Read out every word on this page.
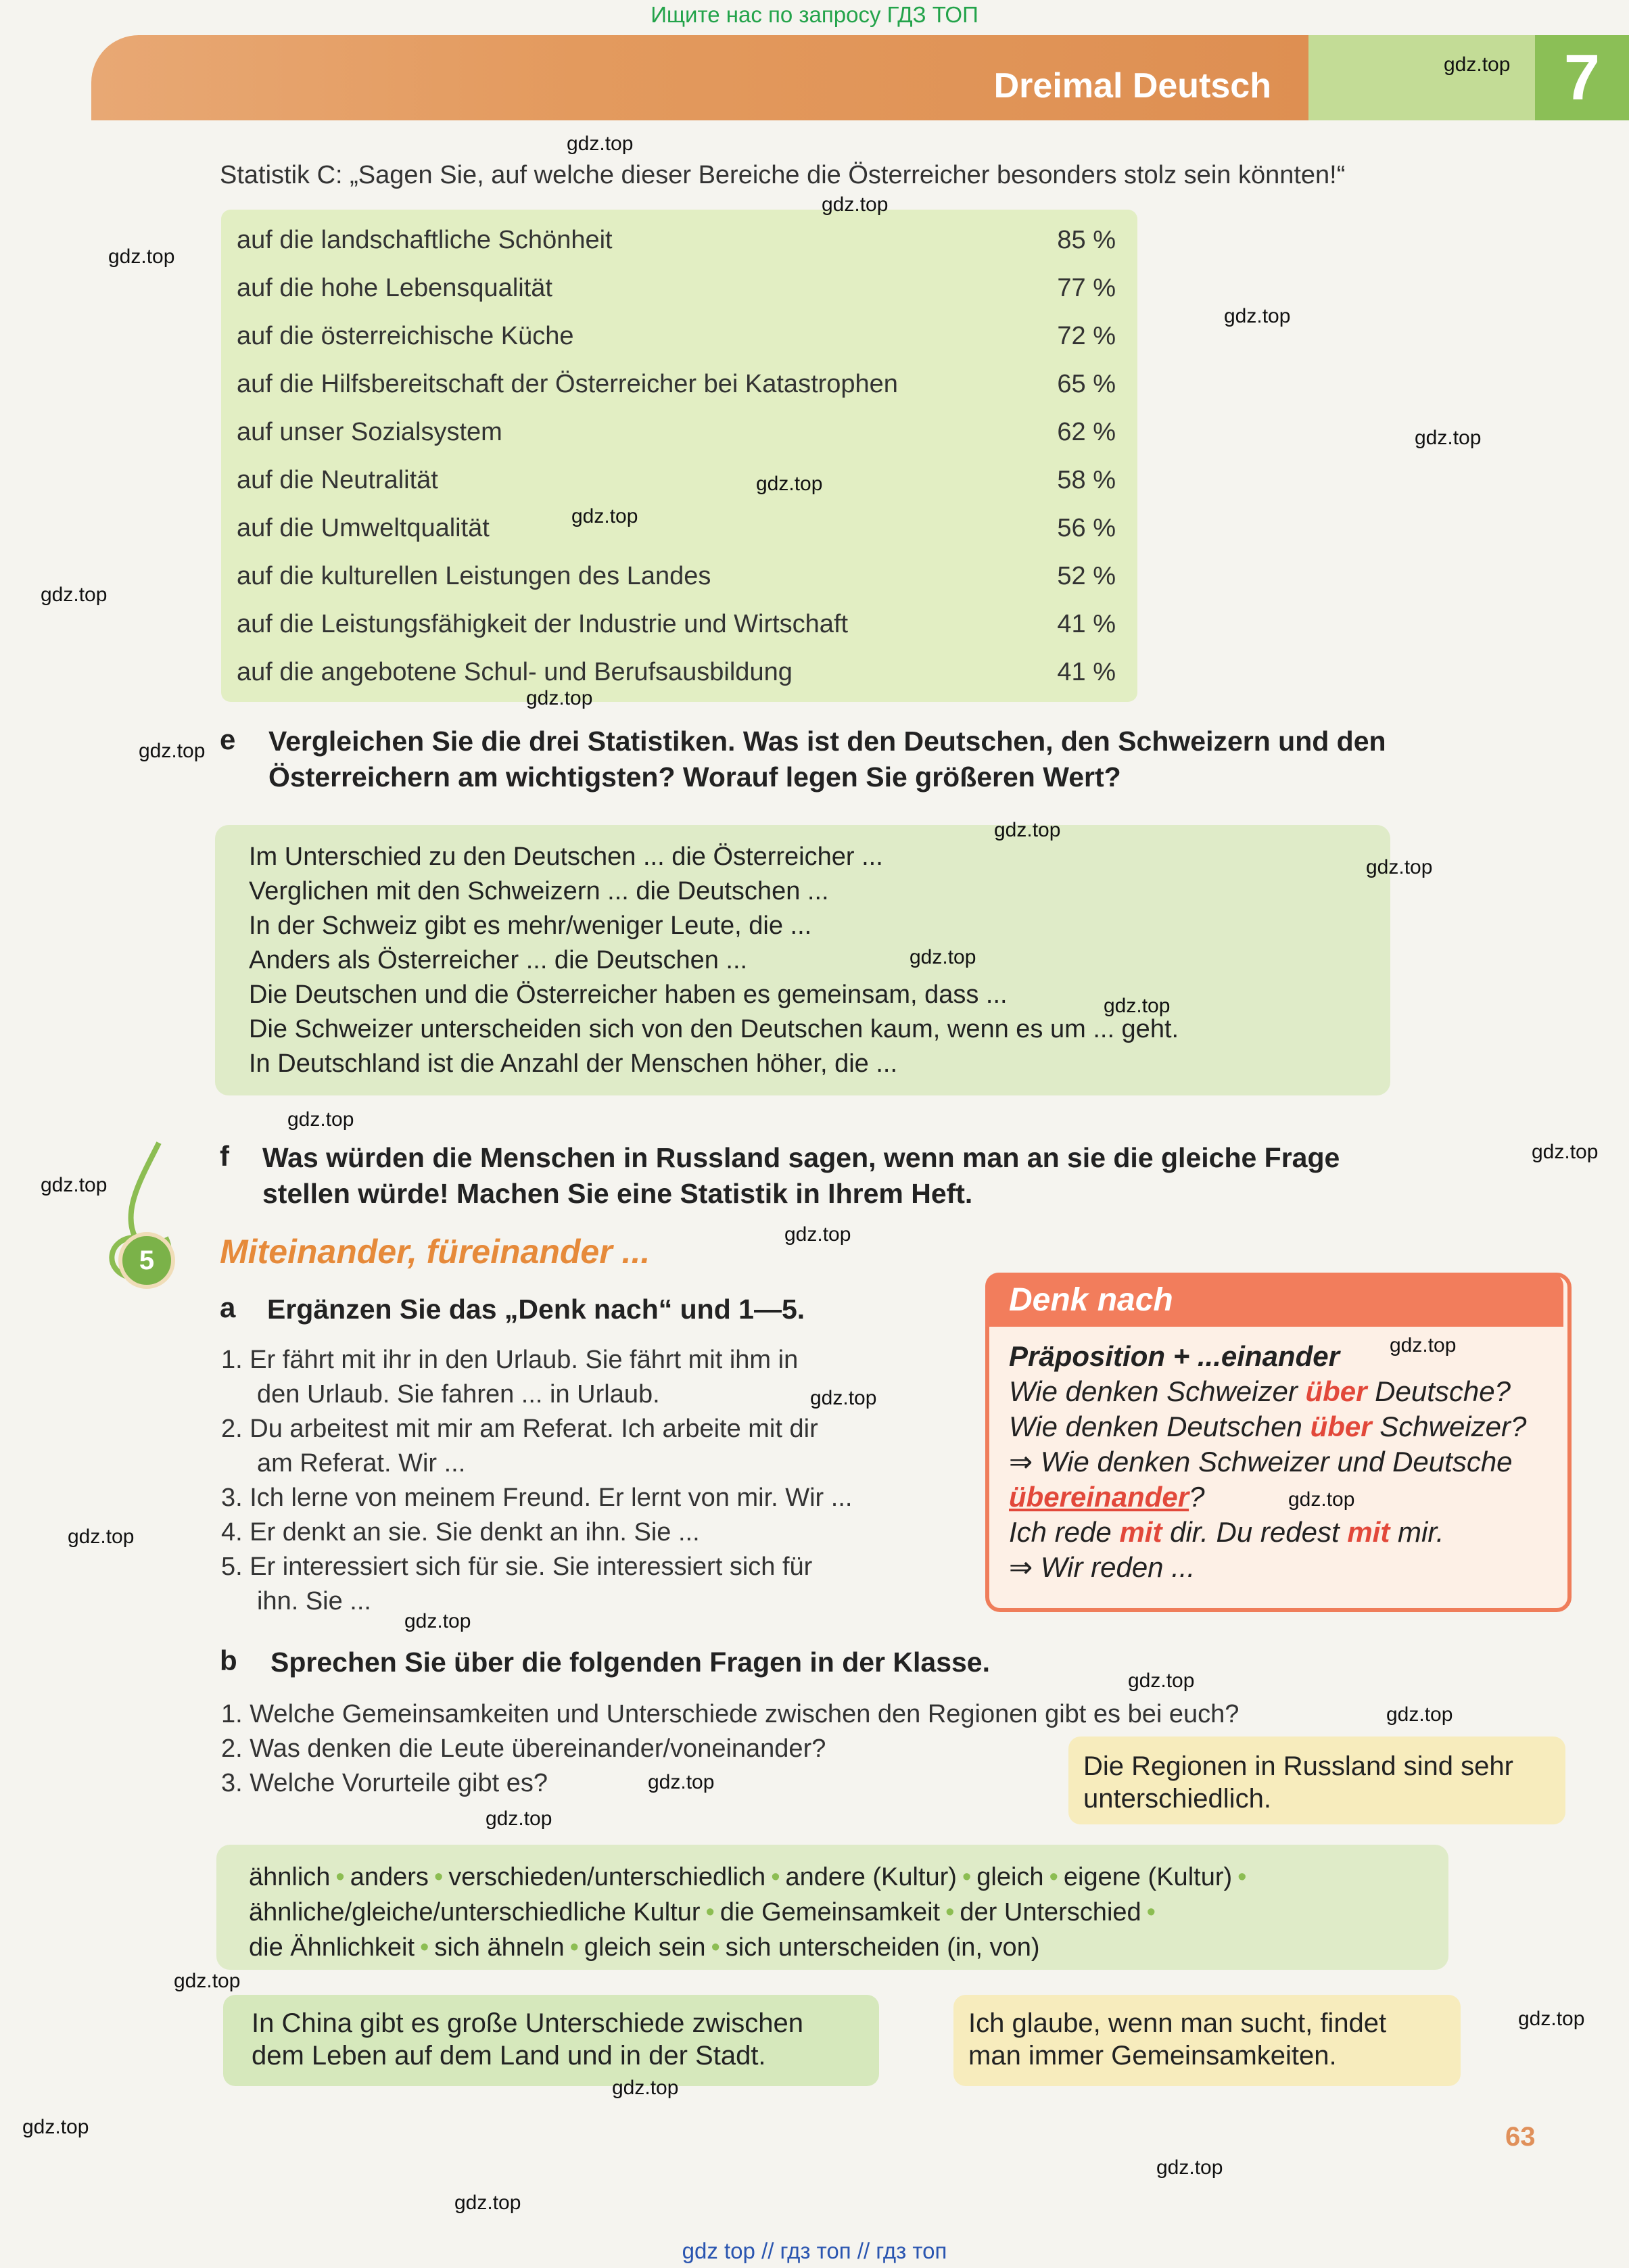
Ищите нас по запросу ГДЗ ТОП
Dreimal Deutsch	7
Statistik C: „Sagen Sie, auf welche dieser Bereiche die Österreicher besonders stolz sein könnten!“
auf die landschaftliche Schönheit	85 %
auf die hohe Lebensqualität	77 %
auf die österreichische Küche	72 %
auf die Hilfsbereitschaft der Österreicher bei Katastrophen	65 %
auf unser Sozialsystem	62 %
auf die Neutralität	58 %
auf die Umweltqualität	56 %
auf die kulturellen Leistungen des Landes	52 %
auf die Leistungsfähigkeit der Industrie und Wirtschaft	41 %
auf die angebotene Schul- und Berufsausbildung	41 %
e Vergleichen Sie die drei Statistiken. Was ist den Deutschen, den Schweizern und den
Österreichern am wichtigsten? Worauf legen Sie größeren Wert?
Im Unterschied zu den Deutschen ... die Österreicher ...
Verglichen mit den Schweizern ... die Deutschen ...
In der Schweiz gibt es mehr/weniger Leute, die ...
Anders als Österreicher ... die Deutschen ...
Die Deutschen und die Österreicher haben es gemeinsam, dass ...
Die Schweizer unterscheiden sich von den Deutschen kaum, wenn es um ... geht.
In Deutschland ist die Anzahl der Menschen höher, die ...
f Was würden die Menschen in Russland sagen, wenn man an sie die gleiche Frage
stellen würde! Machen Sie eine Statistik in Ihrem Heft.
5	Miteinander, füreinander ...
a Ergänzen Sie das „Denk nach“ und 1—5.
1. Er fährt mit ihr in den Urlaub. Sie fährt mit ihm in
den Urlaub. Sie fahren ... in Urlaub.
2. Du arbeitest mit mir am Referat. Ich arbeite mit dir
am Referat. Wir ...
3. Ich lerne von meinem Freund. Er lernt von mir. Wir ...
4. Er denkt an sie. Sie denkt an ihn. Sie ...
5. Er interessiert sich für sie. Sie interessiert sich für
ihn. Sie ...
Denk nach
Präposition + ...einander
Wie denken Schweizer über Deutsche?
Wie denken Deutschen über Schweizer?
⇒ Wie denken Schweizer und Deutsche
übereinander?
Ich rede mit dir. Du redest mit mir.
⇒ Wir reden ...
b Sprechen Sie über die folgenden Fragen in der Klasse.
1. Welche Gemeinsamkeiten und Unterschiede zwischen den Regionen gibt es bei euch?
2. Was denken die Leute übereinander/voneinander?
3. Welche Vorurteile gibt es?
Die Regionen in Russland sind sehr
unterschiedlich.
ähnlich • anders • verschieden/unterschiedlich • andere (Kultur) • gleich • eigene (Kultur) •
ähnliche/gleiche/unterschiedliche Kultur • die Gemeinsamkeit • der Unterschied •
die Ähnlichkeit • sich ähneln • gleich sein • sich unterscheiden (in, von)
In China gibt es große Unterschiede zwischen
dem Leben auf dem Land und in der Stadt.
Ich glaube, wenn man sucht, findet
man immer Gemeinsamkeiten.
63
gdz.top
gdz.top
gdz.top
gdz.top
gdz.top
gdz.top
gdz.top
gdz.top
gdz.top
gdz.top
gdz.top
gdz.top
gdz.top
gdz.top
gdz.top
gdz.top
gdz.top
gdz.top
gdz.top
gdz.top
gdz.top
gdz.top
gdz.top
gdz.top
gdz.top
gdz.top
gdz.top
gdz.top
gdz.top
gdz.top
gdz.top
gdz.top
gdz.top
gdz.top
gdz top // гдз топ // гдз топ
